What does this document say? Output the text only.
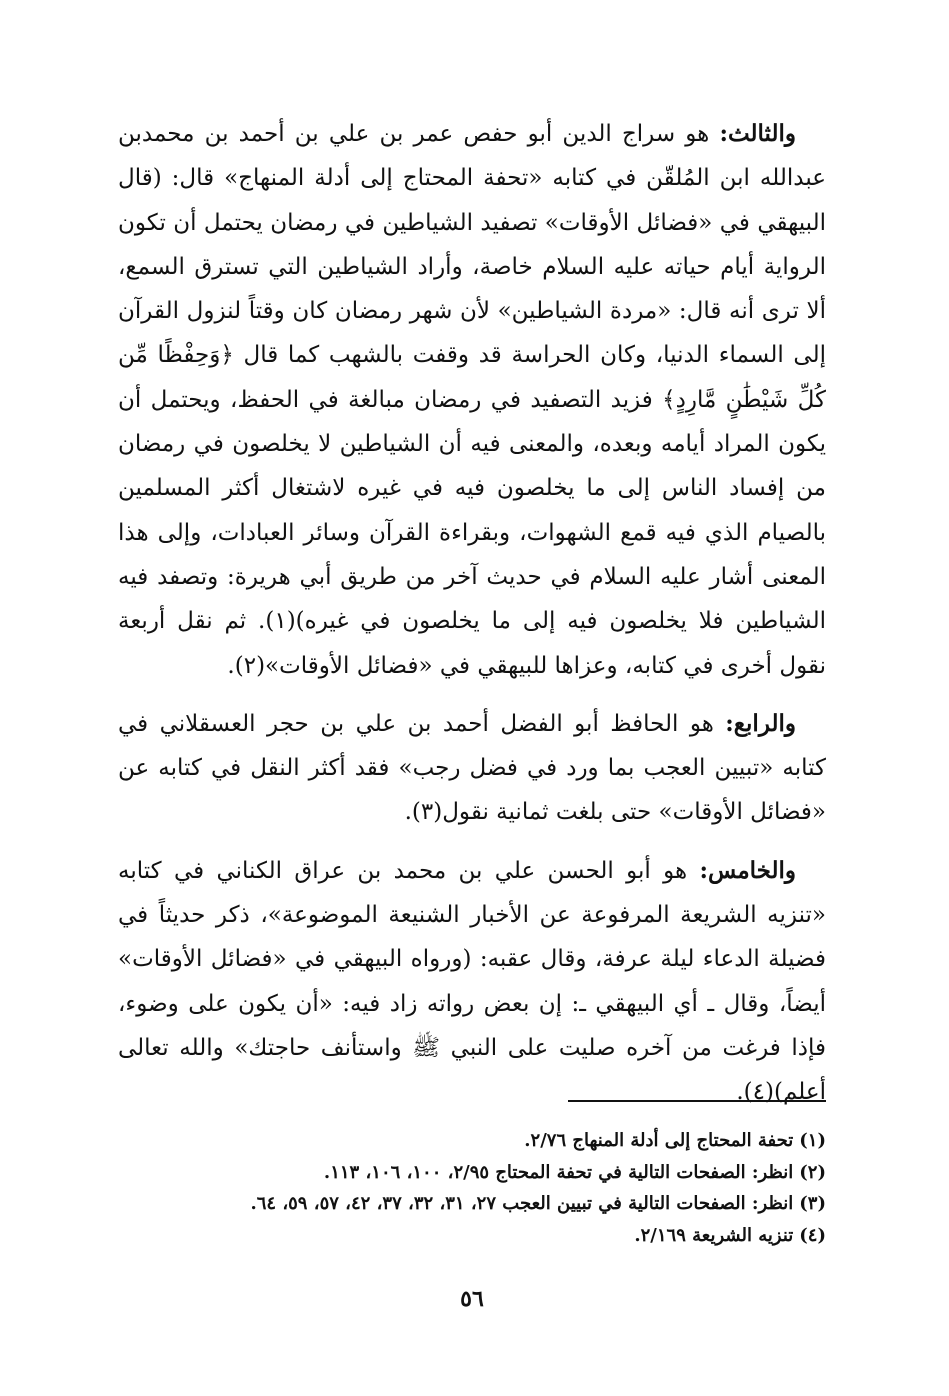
والثالث: هو سراج الدين أبو حفص عمر بن علي بن أحمد بن محمدبن عبدالله ابن المُلقّن في كتابه «تحفة المحتاج إلى أدلة المنهاج» قال: (قال البيهقي في «فضائل الأوقات» تصفيد الشياطين في رمضان يحتمل أن تكون الرواية أيام حياته عليه السلام خاصة، وأراد الشياطين التي تسترق السمع، ألا ترى أنه قال: «مردة الشياطين» لأن شهر رمضان كان وقتاً لنزول القرآن إلى السماء الدنيا، وكان الحراسة قد وقفت بالشهب كما قال ﴿وَحِفْظًا مِّن كُلِّ شَيْطَٰنٍ مَّارِدٍ﴾ فزيد التصفيد في رمضان مبالغة في الحفظ، ويحتمل أن يكون المراد أيامه وبعده، والمعنى فيه أن الشياطين لا يخلصون في رمضان من إفساد الناس إلى ما يخلصون فيه في غيره لاشتغال أكثر المسلمين بالصيام الذي فيه قمع الشهوات، وبقراءة القرآن وسائر العبادات، وإلى هذا المعنى أشار عليه السلام في حديث آخر من طريق أبي هريرة: وتصفد فيه الشياطين فلا يخلصون فيه إلى ما يخلصون في غيره)(١). ثم نقل أربعة نقول أخرى في كتابه، وعزاها للبيهقي في «فضائل الأوقات»(٢).

والرابع: هو الحافظ أبو الفضل أحمد بن علي بن حجر العسقلاني في كتابه «تبيين العجب بما ورد في فضل رجب» فقد أكثر النقل في كتابه عن «فضائل الأوقات» حتى بلغت ثمانية نقول(٣).

والخامس: هو أبو الحسن علي بن محمد بن عراق الكناني في كتابه «تنزيه الشريعة المرفوعة عن الأخبار الشنيعة الموضوعة»، ذكر حديثاً في فضيلة الدعاء ليلة عرفة، وقال عقبه: (ورواه البيهقي في «فضائل الأوقات» أيضاً، وقال ـ أي البيهقي ـ: إن بعض رواته زاد فيه: «أن يكون على وضوء، فإذا فرغت من آخره صليت على النبي ﷺ واستأنف حاجتك» والله تعالى أعلم)(٤).

(١)تحفة المحتاج إلى أدلة المنهاج ٢/٧٦.
(٢)انظر: الصفحات التالية في تحفة المحتاج ٢/٩٥، ١٠٠، ١٠٦، ١١٣.
(٣)انظر: الصفحات التالية في تبيين العجب ٢٧، ٣١، ٣٢، ٣٧، ٤٢، ٥٧، ٥٩، ٦٤.
(٤)تنزيه الشريعة ٢/١٦٩.
٥٦
